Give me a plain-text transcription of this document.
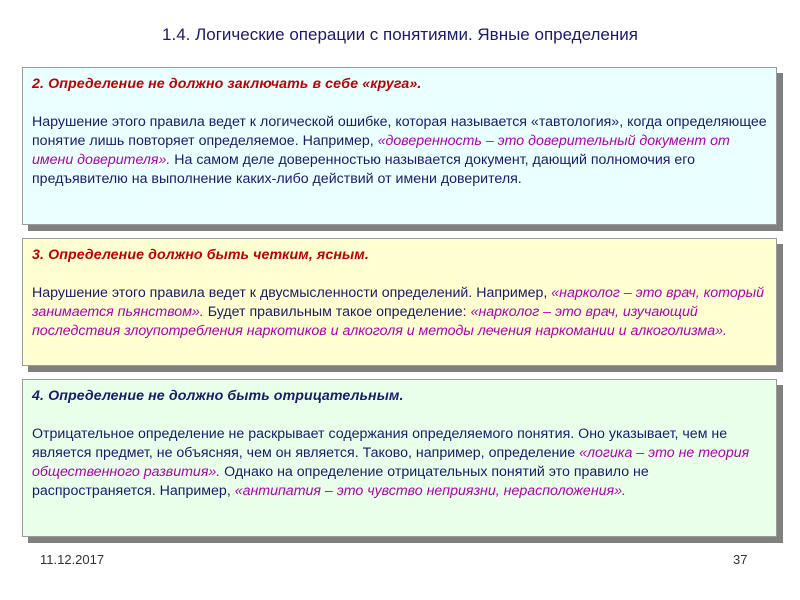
1.4. Логические операции с понятиями. Явные определения
2. Определение не должно заключать в себе «круга».

Нарушение этого правила ведет к логической ошибке, которая называется «тавтология», когда определяющее понятие лишь повторяет определяемое. Например, «доверенность – это доверительный документ от имени доверителя». На самом деле доверенностью называется документ, дающий полномочия его предъявителю на выполнение каких-либо действий от имени доверителя.

3. Определение должно быть четким, ясным.

Нарушение этого правила ведет к двусмысленности определений. Например, «нарколог – это врач, который занимается пьянством». Будет правильным такое определение: «нарколог – это врач, изучающий последствия злоупотребления наркотиков и алкоголя и методы лечения наркомании и алкоголизма».

4. Определение не должно быть отрицательным.

Отрицательное определение не раскрывает содержания определяемого понятия. Оно указывает, чем не является предмет, не объясняя, чем он является. Таково, например, определение «логика – это не теория общественного развития». Однако на определение отрицательных понятий это правило не распространяется. Например, «антипатия – это чувство неприязни, нерасположения».

11.12.2017	37
